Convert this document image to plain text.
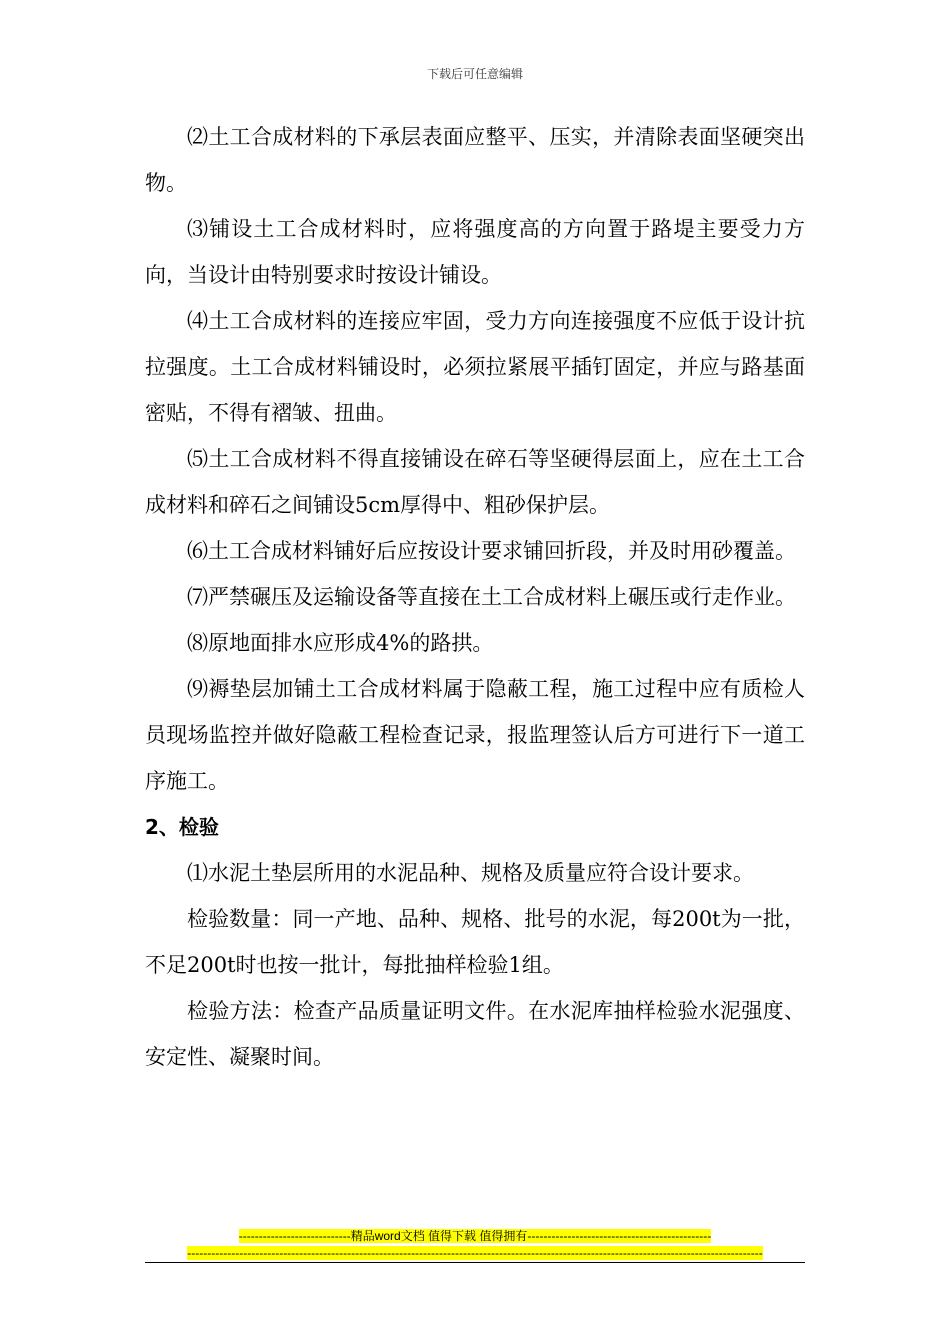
下载后可任意编辑

⑵土工合成材料的下承层表面应整平、压实，并清除表面坚硬突出物。

⑶铺设土工合成材料时，应将强度高的方向置于路堤主要受力方向，当设计由特别要求时按设计铺设。

⑷土工合成材料的连接应牢固，受力方向连接强度不应低于设计抗拉强度。土工合成材料铺设时，必须拉紧展平插钉固定，并应与路基面密贴，不得有褶皱、扭曲。

⑸土工合成材料不得直接铺设在碎石等坚硬得层面上，应在土工合成材料和碎石之间铺设5cm厚得中、粗砂保护层。

⑹土工合成材料铺好后应按设计要求铺回折段，并及时用砂覆盖。

⑺严禁碾压及运输设备等直接在土工合成材料上碾压或行走作业。

⑻原地面排水应形成4%的路拱。

⑼褥垫层加铺土工合成材料属于隐蔽工程，施工过程中应有质检人员现场监控并做好隐蔽工程检查记录，报监理签认后方可进行下一道工序施工。

2、检验

⑴水泥土垫层所用的水泥品种、规格及质量应符合设计要求。

检验数量：同一产地、品种、规格、批号的水泥，每200t为一批，不足200t时也按一批计，每批抽样检验1组。

检验方法：检查产品质量证明文件。在水泥库抽样检验水泥强度、安定性、凝聚时间。

----------------------------精品word文档 值得下载 值得拥有----------------------------------------------
------------------------------------------------------------------------------------------------------------------------------------------------
